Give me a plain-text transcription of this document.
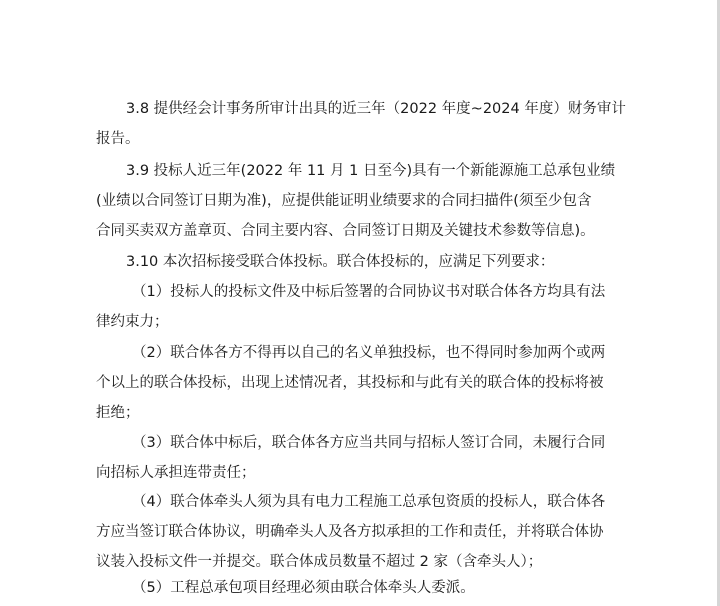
3.8 提供经会计事务所审计出具的近三年（2022 年度~2024 年度）财务审计
报告。
3.9 投标人近三年(2022 年 11 月 1 日至今)具有一个新能源施工总承包业绩
(业绩以合同签订日期为准)，应提供能证明业绩要求的合同扫描件(须至少包含
合同买卖双方盖章页、合同主要内容、合同签订日期及关键技术参数等信息)。
3.10 本次招标接受联合体投标。联合体投标的，应满足下列要求：
（1）投标人的投标文件及中标后签署的合同协议书对联合体各方均具有法
律约束力；
（2）联合体各方不得再以自己的名义单独投标，也不得同时参加两个或两
个以上的联合体投标，出现上述情况者，其投标和与此有关的联合体的投标将被
拒绝；
（3）联合体中标后，联合体各方应当共同与招标人签订合同，未履行合同
向招标人承担连带责任；
（4）联合体牵头人须为具有电力工程施工总承包资质的投标人，联合体各
方应当签订联合体协议，明确牵头人及各方拟承担的工作和责任，并将联合体协
议装入投标文件一并提交。联合体成员数量不超过 2 家（含牵头人）；
（5）工程总承包项目经理必须由联合体牵头人委派。
